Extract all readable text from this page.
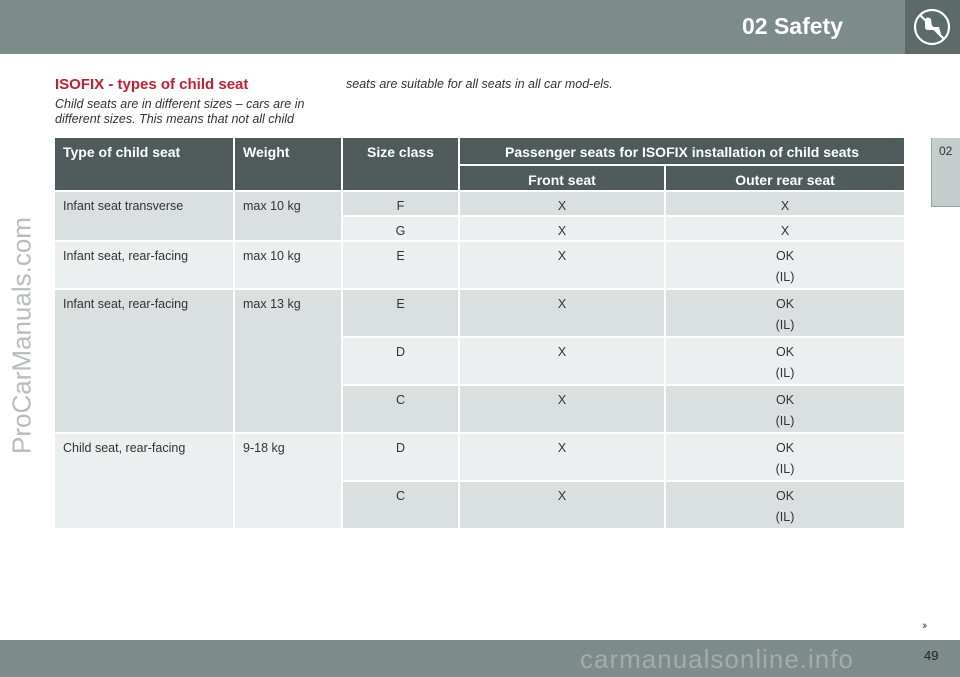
02 Safety
02
ProCarManuals.com
ISOFIX - types of child seat
Child seats are in different sizes – cars are in different sizes. This means that not all child
seats are suitable for all seats in all car mod-els.
Type of child seat	Weight	Size class	Passenger seats for ISOFIX installation of child seats	

			Front seat	Outer rear seat

Infant seat transverse	max 10 kg	F	X	X
		G	X	X
Infant seat, rear-facing	max 10 kg	E	X	OK
(IL)

Infant seat, rear-facing	max 13 kg	E	X	OK
(IL)

		D	X	OK
(IL)

		C	X	OK
(IL)

Child seat, rear-facing	9-18 kg	D	X	OK
(IL)

		C	X	OK
(IL)
››
carmanualsonline.info	49
